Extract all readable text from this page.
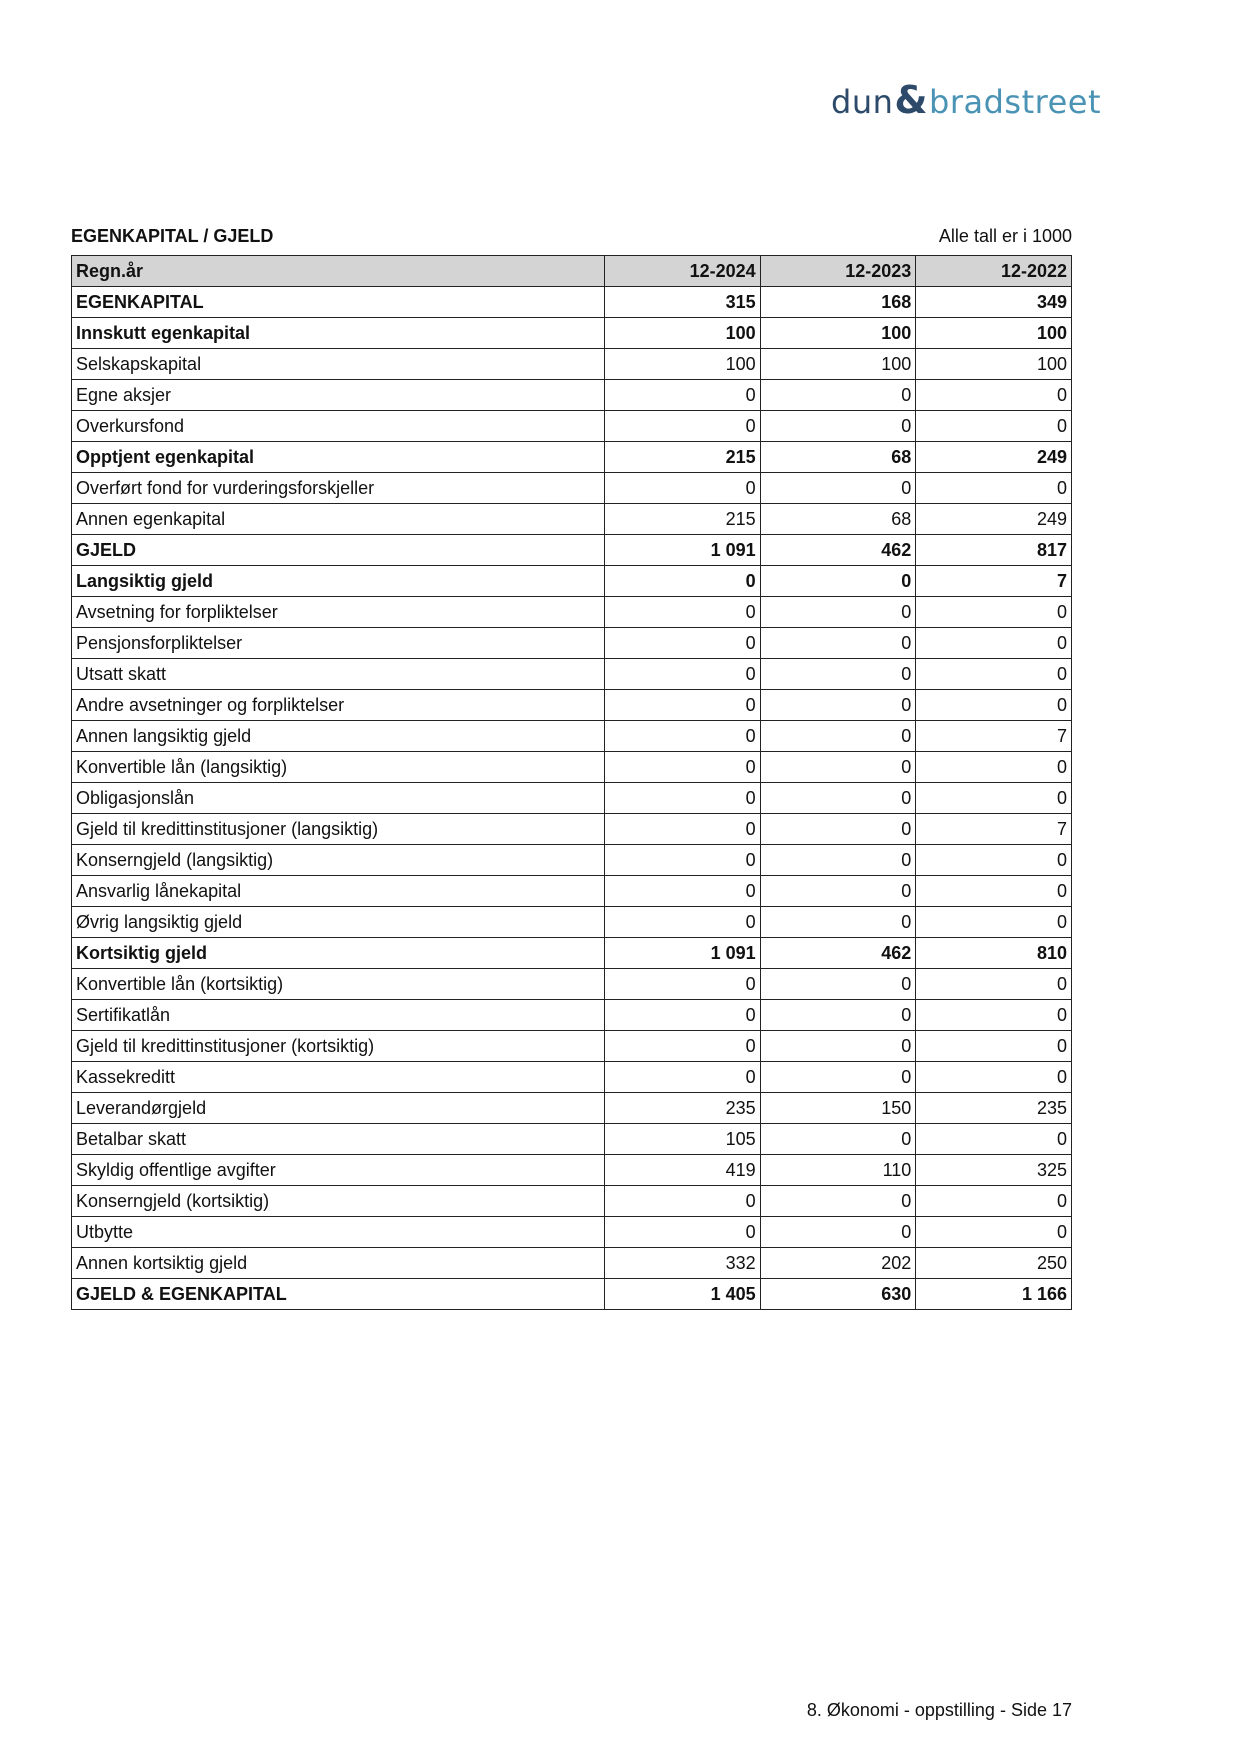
dun&bradstreet
EGENKAPITAL / GJELD	Alle tall er i 1000
Regn.år	12-2024	12-2023	12-2022
EGENKAPITAL	315	168	349
Innskutt egenkapital	100	100	100
Selskapskapital	100	100	100
Egne aksjer	0	0	0
Overkursfond	0	0	0
Opptjent egenkapital	215	68	249
Overført fond for vurderingsforskjeller	0	0	0
Annen egenkapital	215	68	249
GJELD	1 091	462	817
Langsiktig gjeld	0	0	7
Avsetning for forpliktelser	0	0	0
Pensjonsforpliktelser	0	0	0
Utsatt skatt	0	0	0
Andre avsetninger og forpliktelser	0	0	0
Annen langsiktig gjeld	0	0	7
Konvertible lån (langsiktig)	0	0	0
Obligasjonslån	0	0	0
Gjeld til kredittinstitusjoner (langsiktig)	0	0	7
Konserngjeld (langsiktig)	0	0	0
Ansvarlig lånekapital	0	0	0
Øvrig langsiktig gjeld	0	0	0
Kortsiktig gjeld	1 091	462	810
Konvertible lån (kortsiktig)	0	0	0
Sertifikatlån	0	0	0
Gjeld til kredittinstitusjoner (kortsiktig)	0	0	0
Kassekreditt	0	0	0
Leverandørgjeld	235	150	235
Betalbar skatt	105	0	0
Skyldig offentlige avgifter	419	110	325
Konserngjeld (kortsiktig)	0	0	0
Utbytte	0	0	0
Annen kortsiktig gjeld	332	202	250
GJELD & EGENKAPITAL	1 405	630	1 166
8. Økonomi - oppstilling - Side 17
